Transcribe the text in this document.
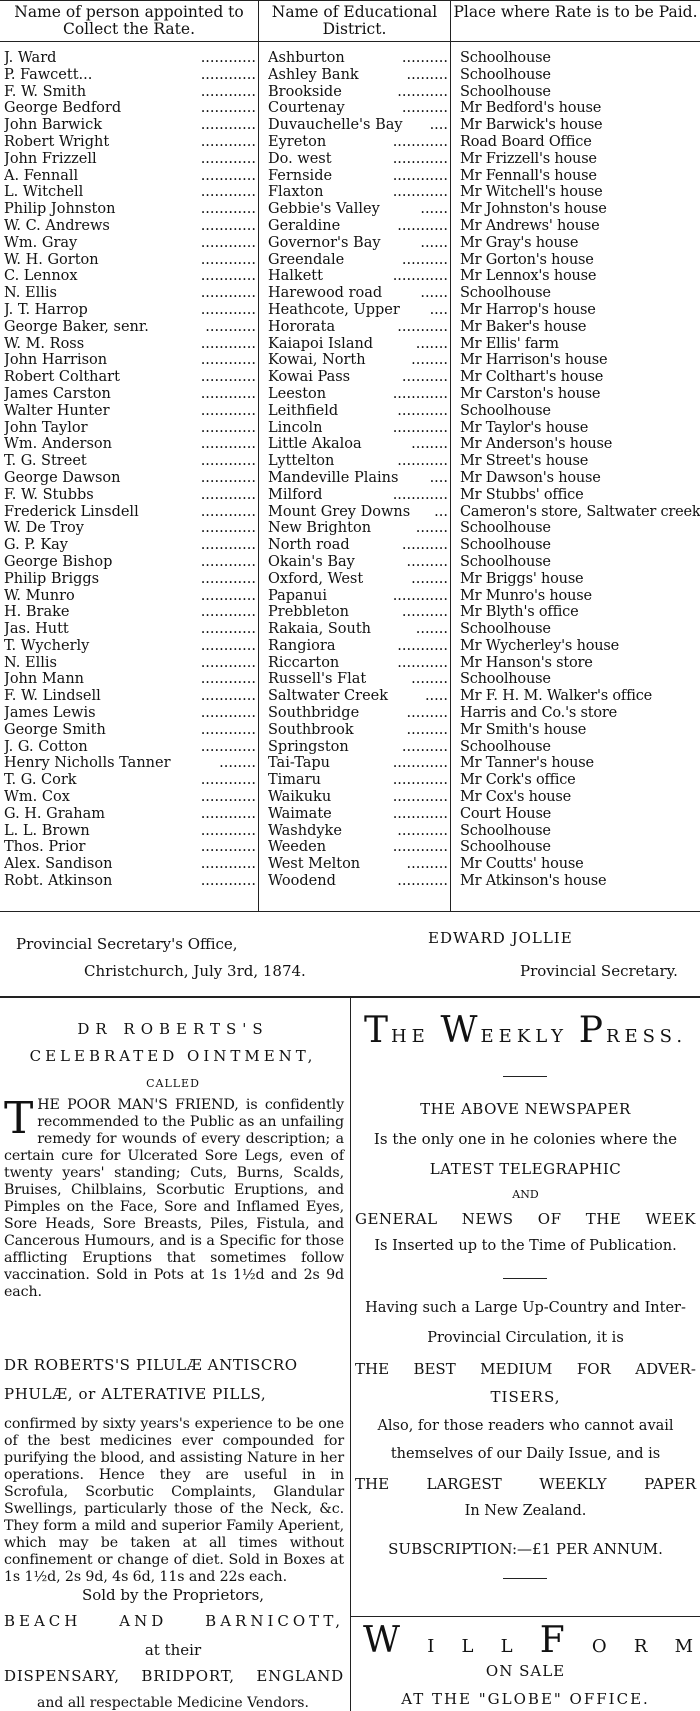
Name of person appointed to Collect the Rate.
Name of Educational District.
Place where Rate is to be Paid.
J. Ward	............ Ashburton	.......... Schoolhouse
P. Fawcett...	............ Ashley Bank	......... Schoolhouse
F. W. Smith	............ Brookside	........... Schoolhouse
George Bedford	............ Courtenay	.......... Mr Bedford's house
John Barwick	............ Duvauchelle's Bay	.... Mr Barwick's house
Robert Wright	............ Eyreton	............ Road Board Office
John Frizzell	............ Do. west	............ Mr Frizzell's house
A. Fennall	............ Fernside	............ Mr Fennall's house
L. Witchell	............ Flaxton	............ Mr Witchell's house
Philip Johnston	............ Gebbie's Valley	...... Mr Johnston's house
W. C. Andrews	............ Geraldine	........... Mr Andrews' house
Wm. Gray	............ Governor's Bay	...... Mr Gray's house
W. H. Gorton	............ Greendale	.......... Mr Gorton's house
C. Lennox	............ Halkett	............ Mr Lennox's house
N. Ellis	............ Harewood road	...... Schoolhouse
J. T. Harrop	............ Heathcote, Upper	.... Mr Harrop's house
George Baker, senr.	........... Hororata	........... Mr Baker's house
W. M. Ross	............ Kaiapoi Island	....... Mr Ellis' farm
John Harrison	............ Kowai, North	........ Mr Harrison's house
Robert Colthart	............ Kowai Pass	.......... Mr Colthart's house
James Carston	............ Leeston	............ Mr Carston's house
Walter Hunter	............ Leithfield	........... Schoolhouse
John Taylor	............ Lincoln	............ Mr Taylor's house
Wm. Anderson	............ Little Akaloa	........ Mr Anderson's house
T. G. Street	............ Lyttelton	........... Mr Street's house
George Dawson	............ Mandeville Plains	.... Mr Dawson's house
F. W. Stubbs	............ Milford	............ Mr Stubbs' office
Frederick Linsdell	............ Mount Grey Downs	... Cameron's store, Saltwater creek
W. De Troy	............ New Brighton	....... Schoolhouse
G. P. Kay	............ North road	.......... Schoolhouse
George Bishop	............ Okain's Bay	......... Schoolhouse
Philip Briggs	............ Oxford, West	........ Mr Briggs' house
W. Munro	............ Papanui	............ Mr Munro's house
H. Brake	............ Prebbleton	.......... Mr Blyth's office
Jas. Hutt	............ Rakaia, South	....... Schoolhouse
T. Wycherly	............ Rangiora	........... Mr Wycherley's house
N. Ellis	............ Riccarton	........... Mr Hanson's store
John Mann	............ Russell's Flat	........ Schoolhouse
F. W. Lindsell	............ Saltwater Creek	..... Mr F. H. M. Walker's office
James Lewis	............ Southbridge	......... Harris and Co.'s store
George Smith	............ Southbrook	......... Mr Smith's house
J. G. Cotton	............ Springston	.......... Schoolhouse
Henry Nicholls Tanner	........ Tai-Tapu	............ Mr Tanner's house
T. G. Cork	............ Timaru	............ Mr Cork's office
Wm. Cox	............ Waikuku	............ Mr Cox's house
G. H. Graham	............ Waimate	............ Court House
L. L. Brown	............ Washdyke	........... Schoolhouse
Thos. Prior	............ Weeden	............ Schoolhouse
Alex. Sandison	............ West Melton	......... Mr Coutts' house
Robt. Atkinson	............ Woodend	........... Mr Atkinson's house
Provincial Secretary's Office,
Christchurch, July 3rd, 1874.
EDWARD JOLLIE
Provincial Secretary.
DR ROBERTS'S
CELEBRATED OINTMENT,
CALLED
THE POOR MAN'S FRIEND, is confidently recommended to the Public as an unfailing remedy for wounds of every description; a certain cure for Ulcerated Sore Legs, even of twenty years' standing; Cuts, Burns, Scalds, Bruises, Chilblains, Scorbutic Eruptions, and Pimples on the Face, Sore and Inflamed Eyes, Sore Heads, Sore Breasts, Piles, Fistula, and Cancerous Humours, and is a Specific for those afflicting Eruptions that sometimes follow vaccination. Sold in Pots at 1s 1½d and 2s 9d each.
DR ROBERTS'S PILULÆ ANTISCRO
PHULÆ, or ALTERATIVE PILLS,
confirmed by sixty years's experience to be one of the best medicines ever compounded for purifying the blood, and assisting Nature in her operations. Hence they are useful in in Scrofula, Scorbutic Complaints, Glandular Swellings, particularly those of the Neck, &c. They form a mild and superior Family Aperient, which may be taken at all times without confinement or change of diet. Sold in Boxes at 1s 1½d, 2s 9d, 4s 6d, 11s and 22s each.
Sold by the Proprietors,
BEACH AND BARNICOTT,
at their
DISPENSARY, BRIDPORT, ENGLAND
and all respectable Medicine Vendors.
THE WEEKLY PRESS.
THE ABOVE NEWSPAPER
Is the only one in he colonies where the
LATEST TELEGRAPHIC
AND
GENERAL NEWS OF THE WEEK
Is Inserted up to the Time of Publication.
Having such a Large Up-Country and Inter-
Provincial Circulation, it is
THE BEST MEDIUM FOR ADVER-
TISERS,
Also, for those readers who cannot avail
themselves of our Daily Issue, and is
THE LARGEST WEEKLY PAPER
In New Zealand.
SUBSCRIPTION:—£1 PER ANNUM.
W I L L F O R M
ON SALE
AT THE "GLOBE" OFFICE.
